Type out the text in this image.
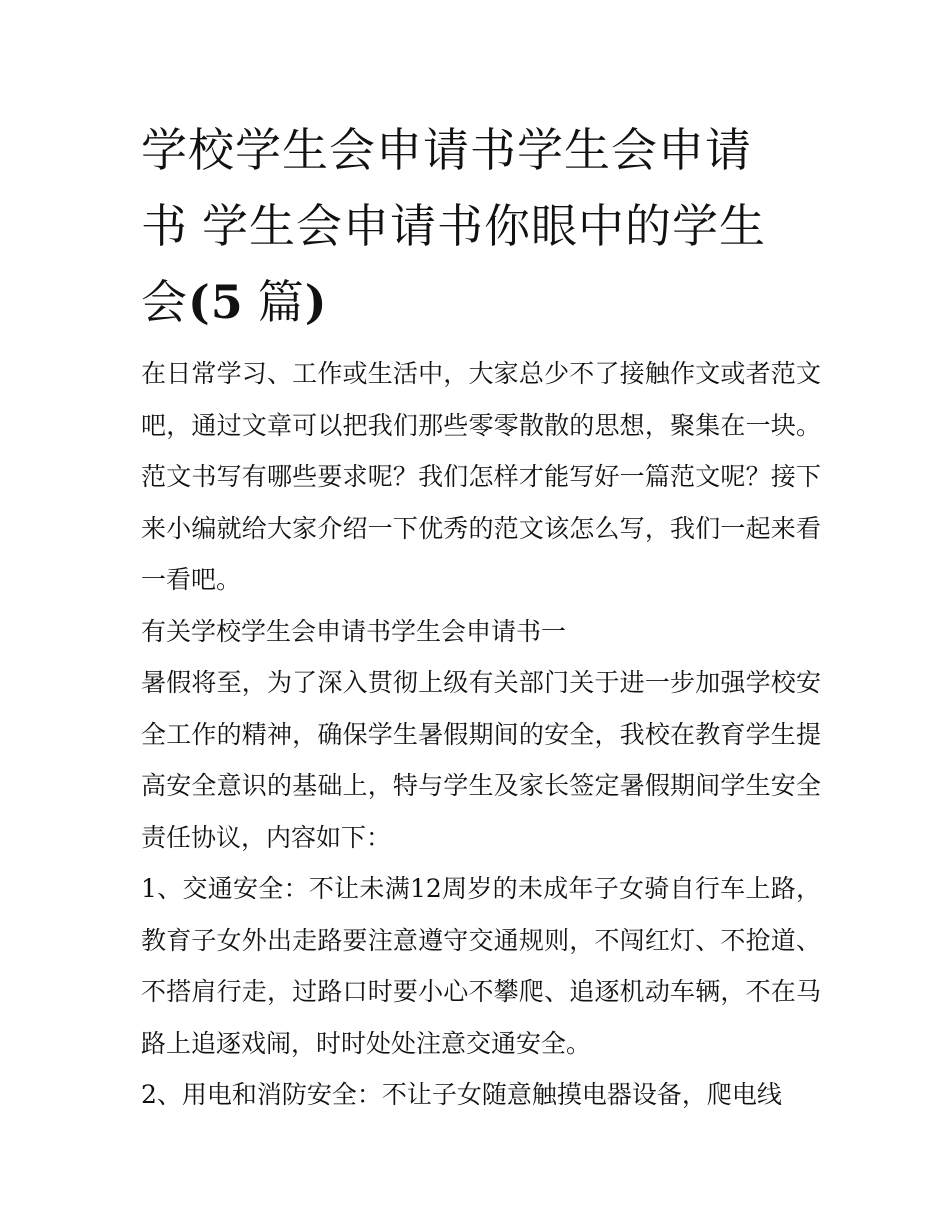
学校学生会申请书学生会申请
书 学生会申请书你眼中的学生
会(5 篇)

在日常学习、工作或生活中，大家总少不了接触作文或者范文吧，通过文章可以把我们那些零零散散的思想，聚集在一块。范文书写有哪些要求呢？我们怎样才能写好一篇范文呢？接下来小编就给大家介绍一下优秀的范文该怎么写，我们一起来看一看吧。

有关学校学生会申请书学生会申请书一

暑假将至，为了深入贯彻上级有关部门关于进一步加强学校安全工作的精神，确保学生暑假期间的安全，我校在教育学生提高安全意识的基础上，特与学生及家长签定暑假期间学生安全责任协议，内容如下：

1、交通安全：不让未满12周岁的未成年子女骑自行车上路，教育子女外出走路要注意遵守交通规则，不闯红灯、不抢道、不搭肩行走，过路口时要小心不攀爬、追逐机动车辆，不在马路上追逐戏闹，时时处处注意交通安全。

2、用电和消防安全：不让子女随意触摸电器设备，爬电线
